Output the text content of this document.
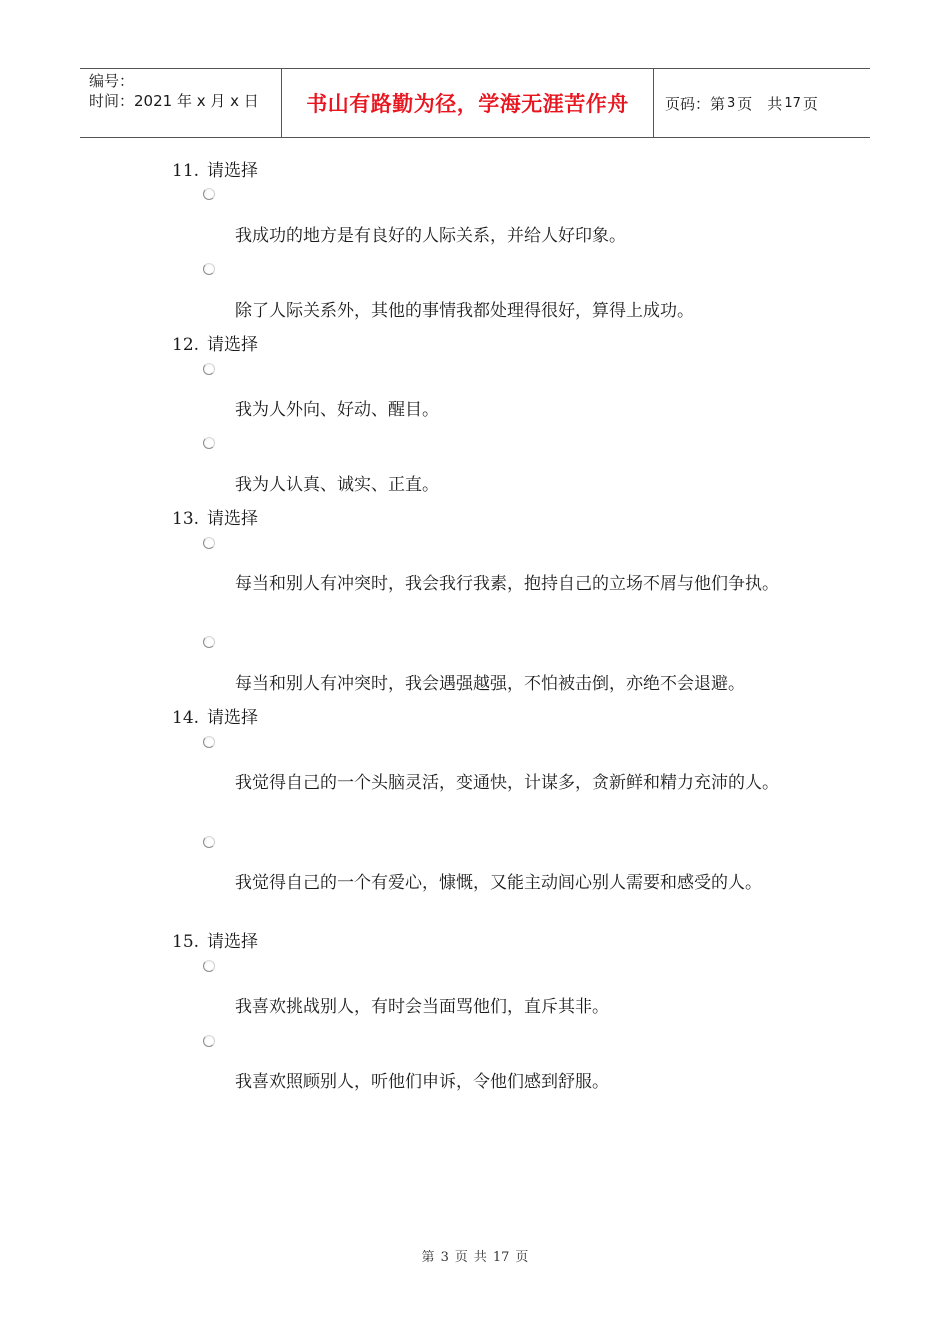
编号：
时间：2021 年 x 月 x 日	书山有路勤为径，学海无涯苦作舟	页码：第 3 页　共 17 页
11. 请选择
我成功的地方是有良好的人际关系，并给人好印象。
除了人际关系外，其他的事情我都处理得很好，算得上成功。
12. 请选择
我为人外向、好动、醒目。
我为人认真、诚实、正直。
13. 请选择
每当和别人有冲突时，我会我行我素，抱持自己的立场不屑与他们争执。
每当和别人有冲突时，我会遇强越强，不怕被击倒，亦绝不会退避。
14. 请选择
我觉得自己的一个头脑灵活，变通快，计谋多，贪新鲜和精力充沛的人。
我觉得自己的一个有爱心，慷慨，又能主动闾心别人需要和感受的人。
15. 请选择
我喜欢挑战别人，有时会当面骂他们，直斥其非。
我喜欢照顾别人，听他们申诉，令他们感到舒服。
第 3 页 共 17 页
